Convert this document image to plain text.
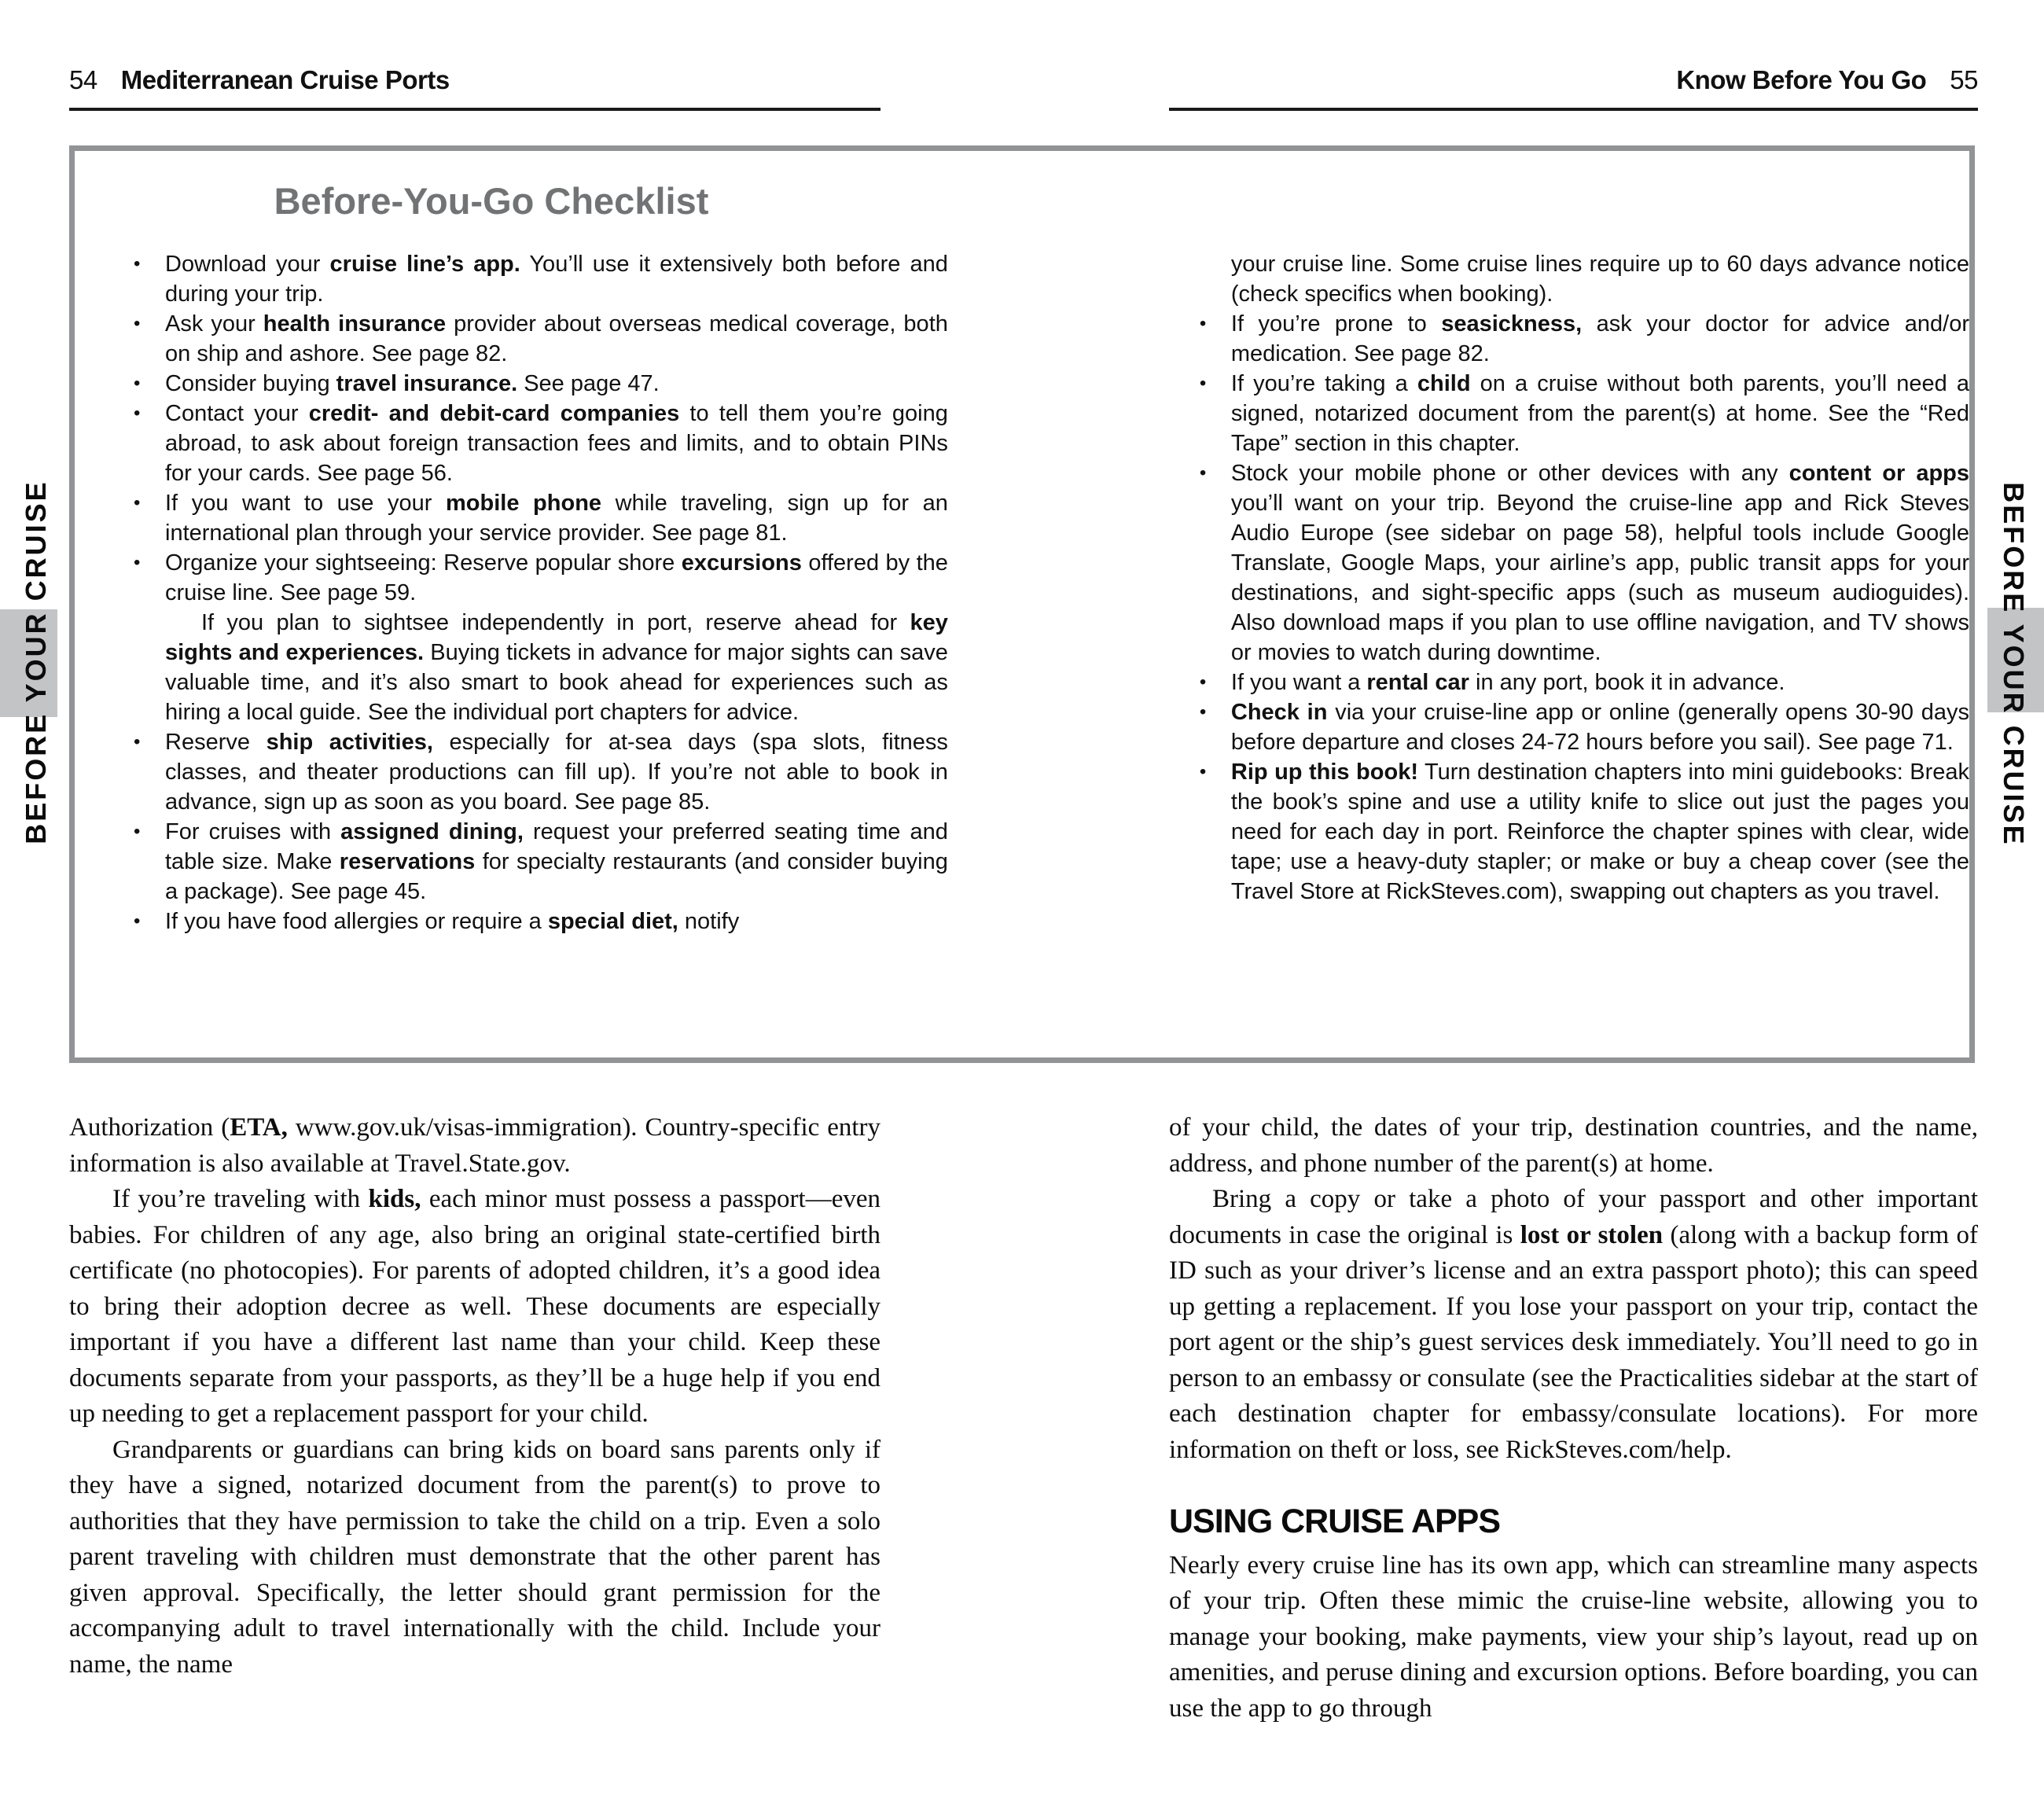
54 Mediterranean Cruise Ports	Know Before You Go 55
BEFORE YOUR CRUISE	BEFORE YOUR CRUISE
Before-You-Go Checklist
• Download your cruise line’s app. You’ll use it extensively both before and during your trip.
• Ask your health insurance provider about overseas medical coverage, both on ship and ashore. See page 82.
• Consider buying travel insurance. See page 47.
• Contact your credit- and debit-card companies to tell them you’re going abroad, to ask about foreign transaction fees and limits, and to obtain PINs for your cards. See page 56.
• If you want to use your mobile phone while traveling, sign up for an international plan through your service provider. See page 81.
• Organize your sightseeing: Reserve popular shore excursions offered by the cruise line. See page 59.
If you plan to sightsee independently in port, reserve ahead for key sights and experiences. Buying tickets in advance for major sights can save valuable time, and it’s also smart to book ahead for experiences such as hiring a local guide. See the individual port chapters for advice.
• Reserve ship activities, especially for at-sea days (spa slots, fitness classes, and theater productions can fill up). If you’re not able to book in advance, sign up as soon as you board. See page 85.
• For cruises with assigned dining, request your preferred seating time and table size. Make reservations for specialty restaurants (and consider buying a package). See page 45.
• If you have food allergies or require a special diet, notify
your cruise line. Some cruise lines require up to 60 days advance notice (check specifics when booking).
• If you’re prone to seasickness, ask your doctor for advice and/or medication. See page 82.
• If you’re taking a child on a cruise without both parents, you’ll need a signed, notarized document from the parent(s) at home. See the “Red Tape” section in this chapter.
• Stock your mobile phone or other devices with any content or apps you’ll want on your trip. Beyond the cruise-line app and Rick Steves Audio Europe (see sidebar on page 58), helpful tools include Google Translate, Google Maps, your airline’s app, public transit apps for your destinations, and sight-specific apps (such as museum audioguides). Also download maps if you plan to use offline navigation, and TV shows or movies to watch during downtime.
• If you want a rental car in any port, book it in advance.
• Check in via your cruise-line app or online (generally opens 30-90 days before departure and closes 24-72 hours before you sail). See page 71.
• Rip up this book! Turn destination chapters into mini guidebooks: Break the book’s spine and use a utility knife to slice out just the pages you need for each day in port. Reinforce the chapter spines with clear, wide tape; use a heavy-duty stapler; or make or buy a cheap cover (see the Travel Store at RickSteves.com), swapping out chapters as you travel.

Authorization (ETA, www.gov.uk/visas-immigration). Country-specific entry information is also available at Travel.State.gov.

If you’re traveling with kids, each minor must possess a passport—even babies. For children of any age, also bring an original state-certified birth certificate (no photocopies). For parents of adopted children, it’s a good idea to bring their adoption decree as well. These documents are especially important if you have a different last name than your child. Keep these documents separate from your passports, as they’ll be a huge help if you end up needing to get a replacement passport for your child.

Grandparents or guardians can bring kids on board sans parents only if they have a signed, notarized document from the parent(s) to prove to authorities that they have permission to take the child on a trip. Even a solo parent traveling with children must demonstrate that the other parent has given approval. Specifically, the letter should grant permission for the accompanying adult to travel internationally with the child. Include your name, the name

of your child, the dates of your trip, destination countries, and the name, address, and phone number of the parent(s) at home.

Bring a copy or take a photo of your passport and other important documents in case the original is lost or stolen (along with a backup form of ID such as your driver’s license and an extra passport photo); this can speed up getting a replacement. If you lose your passport on your trip, contact the port agent or the ship’s guest services desk immediately. You’ll need to go in person to an embassy or consulate (see the Practicalities sidebar at the start of each destination chapter for embassy/consulate locations). For more information on theft or loss, see RickSteves.com/help.

USING CRUISE APPS

Nearly every cruise line has its own app, which can streamline many aspects of your trip. Often these mimic the cruise-line website, allowing you to manage your booking, make payments, view your ship’s layout, read up on amenities, and peruse dining and excursion options. Before boarding, you can use the app to go through
